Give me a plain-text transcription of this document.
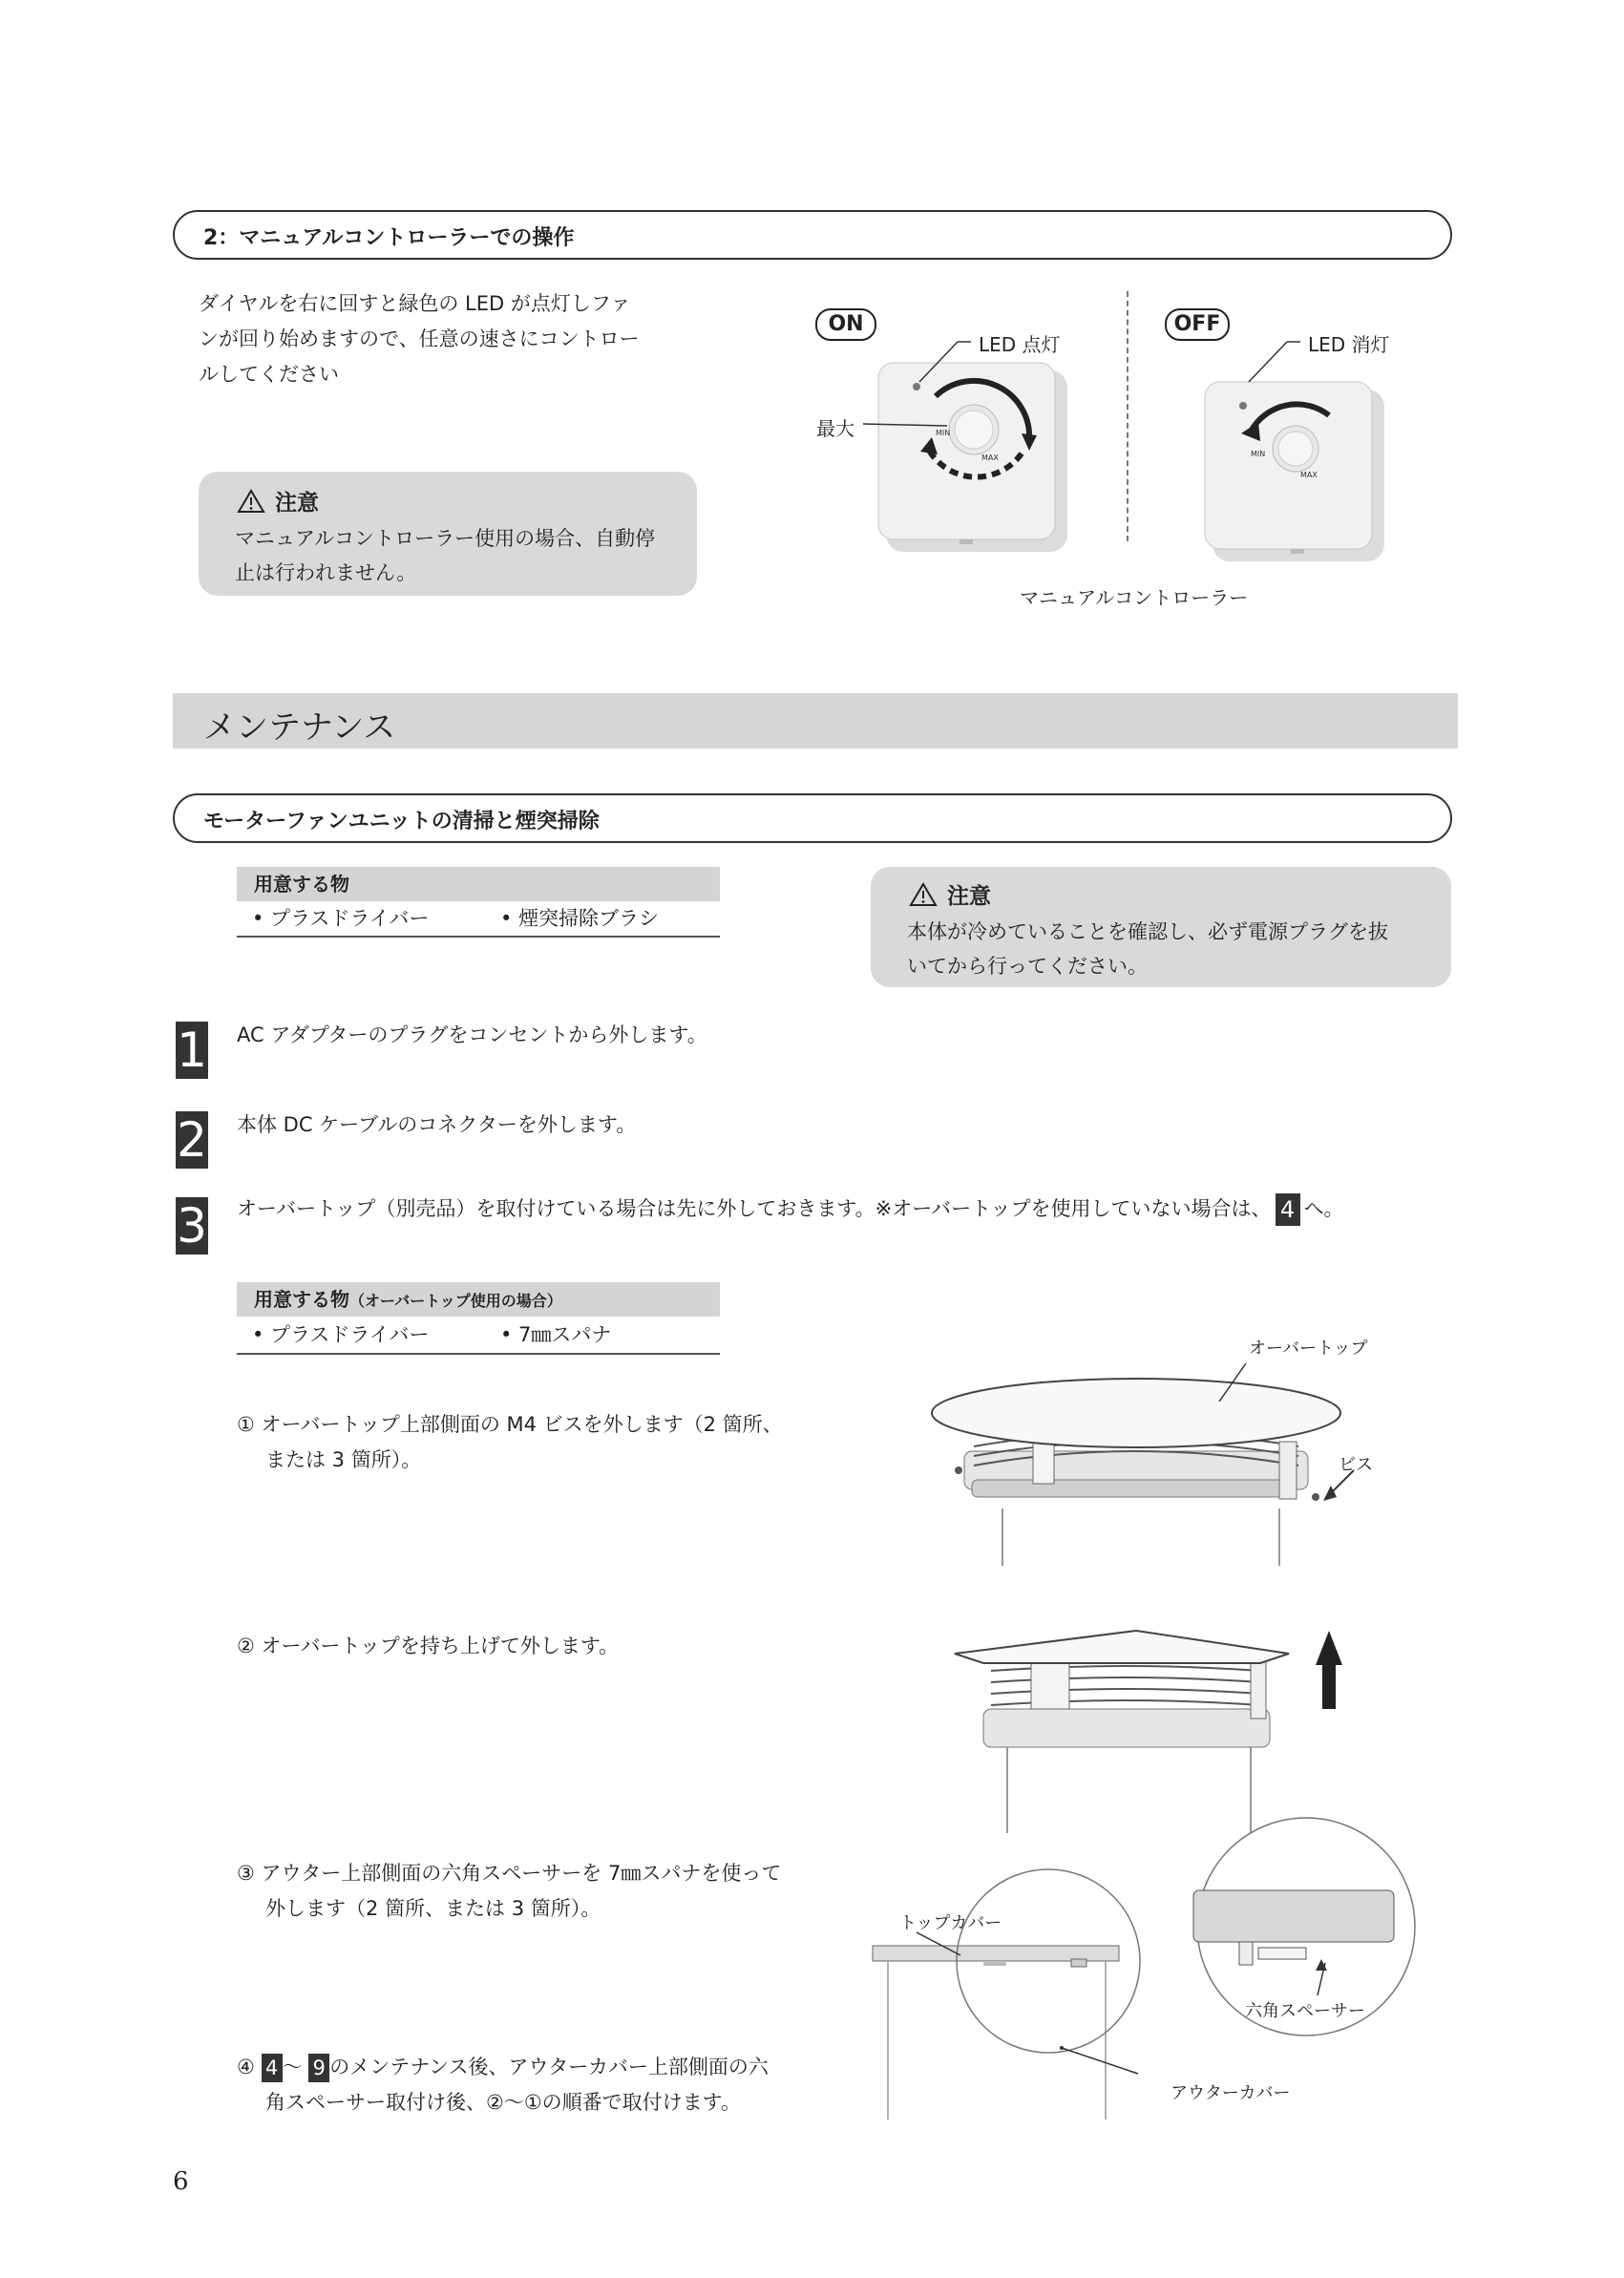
2：マニュアルコントローラーでの操作
ダイヤルを右に回すと緑色の LED が点灯しファ
ンが回り始めますので、任意の速さにコントロー
ルしてください
注意
マニュアルコントローラー使用の場合、自動停
止は行われません。
ON	OFF
MIN
MAX
LED 点灯
最大
MIN
MAX
LED 消灯
マニュアルコントローラー
メンテナンス
モーターファンユニットの清掃と煙突掃除
用意する物
• プラスドライバー	• 煙突掃除ブラシ
注意
本体が冷めていることを確認し、必ず電源プラグを抜
いてから行ってください。
1 AC アダプターのプラグをコンセントから外します。
2 本体 DC ケーブルのコネクターを外します。
3 オーバートップ（別売品）を取付けている場合は先に外しておきます。※オーバートップを使用していない場合は、 4 へ。
用意する物（オーバートップ使用の場合）
• プラスドライバー	• 7㎜スパナ
① オーバートップ上部側面の M4 ビスを外します（2 箇所、
または 3 箇所）。
② オーバートップを持ち上げて外します。
③ アウター上部側面の六角スペーサーを 7㎜スパナを使って
外します（2 箇所、または 3 箇所）。
④ 4 〜 9 のメンテナンス後、アウターカバー上部側面の六
角スペーサー取付け後、②〜①の順番で取付けます。
オーバートップ
ビス
トップカバー
六角スペーサー
アウターカバー
6
